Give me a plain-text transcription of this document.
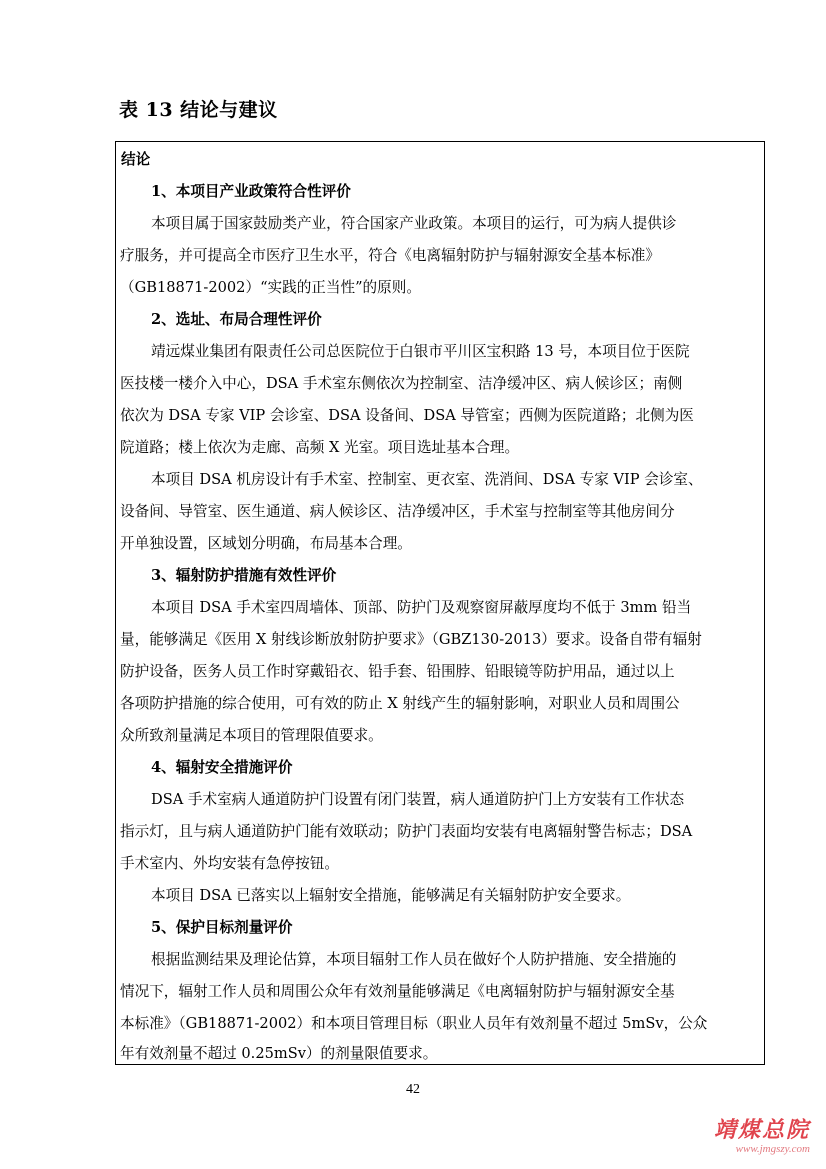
表 13 结论与建议
结论
1、本项目产业政策符合性评价
本项目属于国家鼓励类产业，符合国家产业政策。本项目的运行，可为病人提供诊
疗服务，并可提高全市医疗卫生水平，符合《电离辐射防护与辐射源安全基本标准》
（GB18871-2002）“实践的正当性”的原则。
2、选址、布局合理性评价
靖远煤业集团有限责任公司总医院位于白银市平川区宝积路 13 号，本项目位于医院
医技楼一楼介入中心，DSA 手术室东侧依次为控制室、洁净缓冲区、病人候诊区；南侧
依次为 DSA 专家 VIP 会诊室、DSA 设备间、DSA 导管室；西侧为医院道路；北侧为医
院道路；楼上依次为走廊、高频 X 光室。项目选址基本合理。
本项目 DSA 机房设计有手术室、控制室、更衣室、洗消间、DSA 专家 VIP 会诊室、
设备间、导管室、医生通道、病人候诊区、洁净缓冲区，手术室与控制室等其他房间分
开单独设置，区域划分明确，布局基本合理。
3、辐射防护措施有效性评价
本项目 DSA 手术室四周墙体、顶部、防护门及观察窗屏蔽厚度均不低于 3mm 铅当
量，能够满足《医用 X 射线诊断放射防护要求》（GBZ130-2013）要求。设备自带有辐射
防护设备，医务人员工作时穿戴铅衣、铅手套、铅围脖、铅眼镜等防护用品，通过以上
各项防护措施的综合使用，可有效的防止 X 射线产生的辐射影响，对职业人员和周围公
众所致剂量满足本项目的管理限值要求。
4、辐射安全措施评价
DSA 手术室病人通道防护门设置有闭门装置，病人通道防护门上方安装有工作状态
指示灯，且与病人通道防护门能有效联动；防护门表面均安装有电离辐射警告标志；DSA
手术室内、外均安装有急停按钮。
本项目 DSA 已落实以上辐射安全措施，能够满足有关辐射防护安全要求。
5、保护目标剂量评价
根据监测结果及理论估算，本项目辐射工作人员在做好个人防护措施、安全措施的
情况下，辐射工作人员和周围公众年有效剂量能够满足《电离辐射防护与辐射源安全基
本标准》（GB18871-2002）和本项目管理目标（职业人员年有效剂量不超过 5mSv，公众
年有效剂量不超过 0.25mSv）的剂量限值要求。
42
靖煤总院
www.jmgszy.com
